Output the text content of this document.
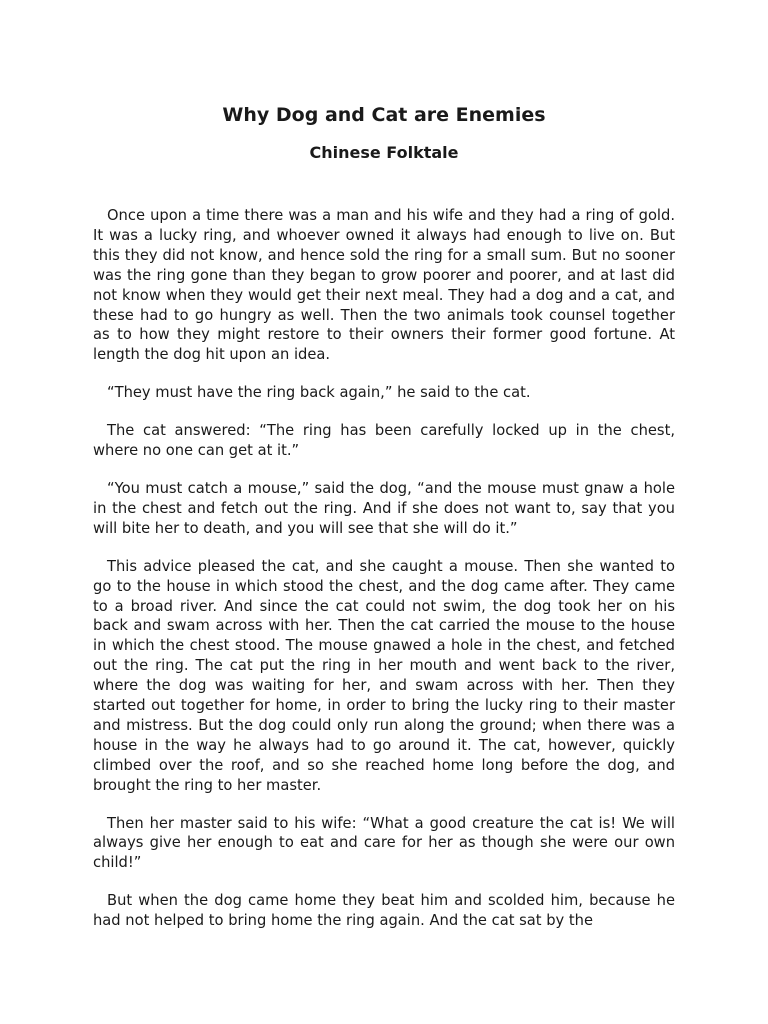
Why Dog and Cat are Enemies
Chinese Folktale

Once upon a time there was a man and his wife and they had a ring of gold. It was a lucky ring, and whoever owned it always had enough to live on. But this they did not know, and hence sold the ring for a small sum. But no sooner was the ring gone than they began to grow poorer and poorer, and at last did not know when they would get their next meal. They had a dog and a cat, and these had to go hungry as well. Then the two animals took counsel together as to how they might restore to their owners their former good fortune. At length the dog hit upon an idea.

“They must have the ring back again,” he said to the cat.

The cat answered: “The ring has been carefully locked up in the chest, where no one can get at it.”

“You must catch a mouse,” said the dog, “and the mouse must gnaw a hole in the chest and fetch out the ring. And if she does not want to, say that you will bite her to death, and you will see that she will do it.”

This advice pleased the cat, and she caught a mouse. Then she wanted to go to the house in which stood the chest, and the dog came after. They came to a broad river. And since the cat could not swim, the dog took her on his back and swam across with her. Then the cat carried the mouse to the house in which the chest stood. The mouse gnawed a hole in the chest, and fetched out the ring. The cat put the ring in her mouth and went back to the river, where the dog was waiting for her, and swam across with her. Then they started out together for home, in order to bring the lucky ring to their master and mistress. But the dog could only run along the ground; when there was a house in the way he always had to go around it. The cat, however, quickly climbed over the roof, and so she reached home long before the dog, and brought the ring to her master.

Then her master said to his wife: “What a good creature the cat is! We will always give her enough to eat and care for her as though she were our own child!”

But when the dog came home they beat him and scolded him, because he had not helped to bring home the ring again. And the cat sat by the
